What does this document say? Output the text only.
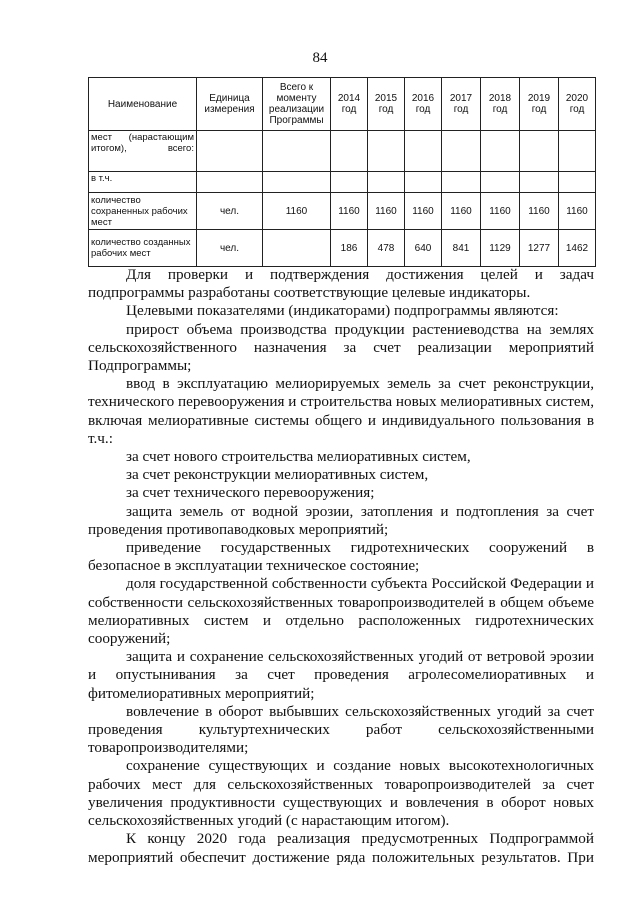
84
Наименование	Единица измерения	Всего к моменту реализации Программы	2014 год	2015 год	2016 год	2017 год	2018 год	2019 год	2020 год
мест (нарастающим итогом), всего:									
в т.ч.									
количество сохраненных рабочих мест	чел.	1160	1160	1160	1160	1160	1160	1160	1160
количество созданных рабочих мест	чел.		186	478	640	841	1129	1277	1462

Для проверки и подтверждения достижения целей и задач подпрограммы разработаны соответствующие целевые индикаторы.

Целевыми показателями (индикаторами) подпрограммы являются:

прирост объема производства продукции растениеводства на землях сельскохозяйственного назначения за счет реализации мероприятий Подпрограммы;

ввод в эксплуатацию мелиорируемых земель за счет реконструкции, технического перевооружения и строительства новых мелиоративных систем, включая мелиоративные системы общего и индивидуального пользования в т.ч.:

за счет нового строительства мелиоративных систем,

за счет реконструкции мелиоративных систем,

за счет технического перевооружения;

защита земель от водной эрозии, затопления и подтопления за счет проведения противопаводковых мероприятий;

приведение государственных гидротехнических сооружений в безопасное в эксплуатации техническое состояние;

доля государственной собственности субъекта Российской Федерации и собственности сельскохозяйственных товаропроизводителей в общем объеме мелиоративных систем и отдельно расположенных гидротехнических сооружений;

защита и сохранение сельскохозяйственных угодий от ветровой эрозии и опустынивания за счет проведения агролесомелиоративных и фитомелиоративных мероприятий;

вовлечение в оборот выбывших сельскохозяйственных угодий за счет проведения культуртехнических работ сельскохозяйственными товаропроизводителями;

сохранение существующих и создание новых высокотехнологичных рабочих мест для сельскохозяйственных товаропроизводителей за счет увеличения продуктивности существующих и вовлечения в оборот новых сельскохозяйственных угодий (с нарастающим итогом).

К концу 2020 года реализация предусмотренных Подпрограммой мероприятий обеспечит достижение ряда положительных результатов. При
